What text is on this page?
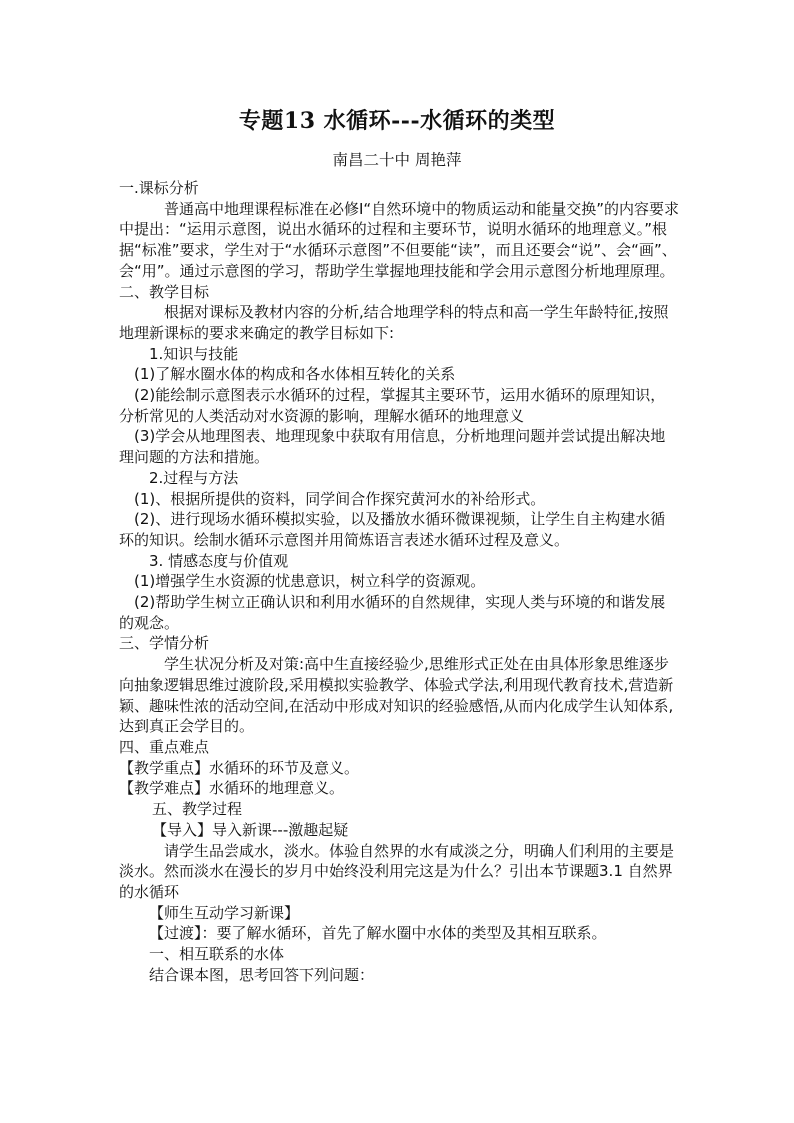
专题13 水循环---水循环的类型
南昌二十中 周艳萍

一.课标分析

普通高中地理课程标准在必修Ⅰ“自然环境中的物质运动和能量交换”的内容要求中提出：“运用示意图，说出水循环的过程和主要环节，说明水循环的地理意义。”根据“标准”要求，学生对于“水循环示意图”不但要能“读”，而且还要会“说”、会“画”、会“用”。通过示意图的学习，帮助学生掌握地理技能和学会用示意图分析地理原理。

二、教学目标

根据对课标及教材内容的分析,结合地理学科的特点和高一学生年龄特征,按照地理新课标的要求来确定的教学目标如下:

1.知识与技能

(1)了解水圈水体的构成和各水体相互转化的关系

(2)能绘制示意图表示水循环的过程，掌握其主要环节，运用水循环的原理知识，分析常见的人类活动对水资源的影响，理解水循环的地理意义

(3)学会从地理图表、地理现象中获取有用信息，分析地理问题并尝试提出解决地理问题的方法和措施。

2.过程与方法

(1)、根据所提供的资料，同学间合作探究黄河水的补给形式。

(2)、进行现场水循环模拟实验，以及播放水循环微课视频，让学生自主构建水循环的知识。绘制水循环示意图并用简炼语言表述水循环过程及意义。

3. 情感态度与价值观

(1)增强学生水资源的忧患意识，树立科学的资源观。

(2)帮助学生树立正确认识和利用水循环的自然规律，实现人类与环境的和谐发展的观念。

三、学情分析

学生状况分析及对策:高中生直接经验少,思维形式正处在由具体形象思维逐步向抽象逻辑思维过渡阶段,采用模拟实验教学、体验式学法,利用现代教育技术,营造新颖、趣味性浓的活动空间,在活动中形成对知识的经验感悟,从而内化成学生认知体系,达到真正会学目的。

四、重点难点

【教学重点】水循环的环节及意义。

【教学难点】水循环的地理意义。

五、教学过程

【导入】导入新课---激趣起疑

请学生品尝咸水，淡水。体验自然界的水有咸淡之分，明确人们利用的主要是淡水。然而淡水在漫长的岁月中始终没利用完这是为什么？引出本节课题3.1 自然界的水循环

【师生互动学习新课】

【过渡】：要了解水循环，首先了解水圈中水体的类型及其相互联系。

一、相互联系的水体

结合课本图，思考回答下列问题：
